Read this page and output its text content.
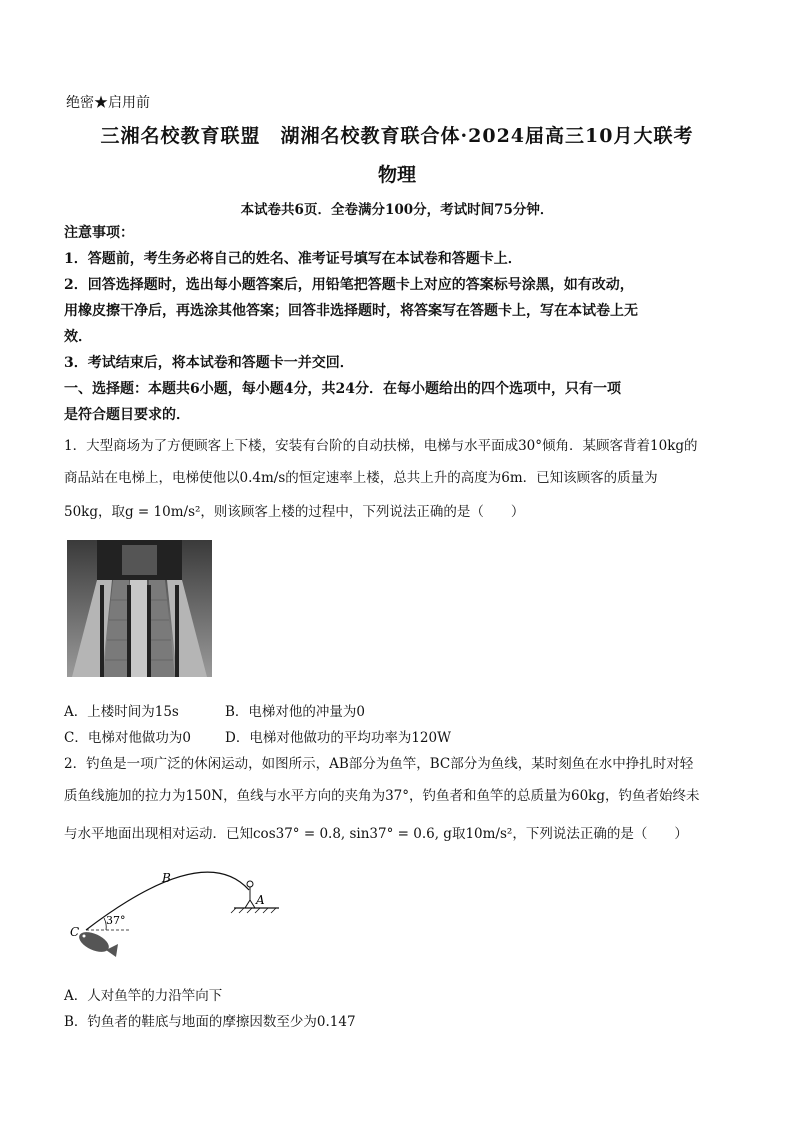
绝密★启用前
三湘名校教育联盟　湖湘名校教育联合体·2024届高三10月大联考
物理
本试卷共6页．全卷满分100分，考试时间75分钟．
注意事项：
1．答题前，考生务必将自己的姓名、准考证号填写在本试卷和答题卡上．
2．回答选择题时，选出每小题答案后，用铅笔把答题卡上对应的答案标号涂黑，如有改动，
用橡皮擦干净后，再选涂其他答案；回答非选择题时，将答案写在答题卡上，写在本试卷上无
效．
3．考试结束后，将本试卷和答题卡一并交回．
一、选择题：本题共6小题，每小题4分，共24分．在每小题给出的四个选项中，只有一项
是符合题目要求的．
1．大型商场为了方便顾客上下楼，安装有台阶的自动扶梯，电梯与水平面成30°倾角．某顾客背着10kg的
商品站在电梯上，电梯使他以0.4m/s的恒定速率上楼，总共上升的高度为6m．已知该顾客的质量为
50kg，取g = 10m/s²，则该顾客上楼的过程中，下列说法正确的是（　　）
A．上楼时间为15s	B．电梯对他的冲量为0
C．电梯对他做功为0	D．电梯对他做功的平均功率为120W
2．钓鱼是一项广泛的休闲运动，如图所示，AB部分为鱼竿，BC部分为鱼线，某时刻鱼在水中挣扎时对轻
质鱼线施加的拉力为150N，鱼线与水平方向的夹角为37°，钓鱼者和鱼竿的总质量为60kg，钓鱼者始终未
与水平地面出现相对运动．已知cos37° = 0.8, sin37° = 0.6, g取10m/s²，下列说法正确的是（　　）
B
A
C
37°
A．人对鱼竿的力沿竿向下
B．钓鱼者的鞋底与地面的摩擦因数至少为0.147
